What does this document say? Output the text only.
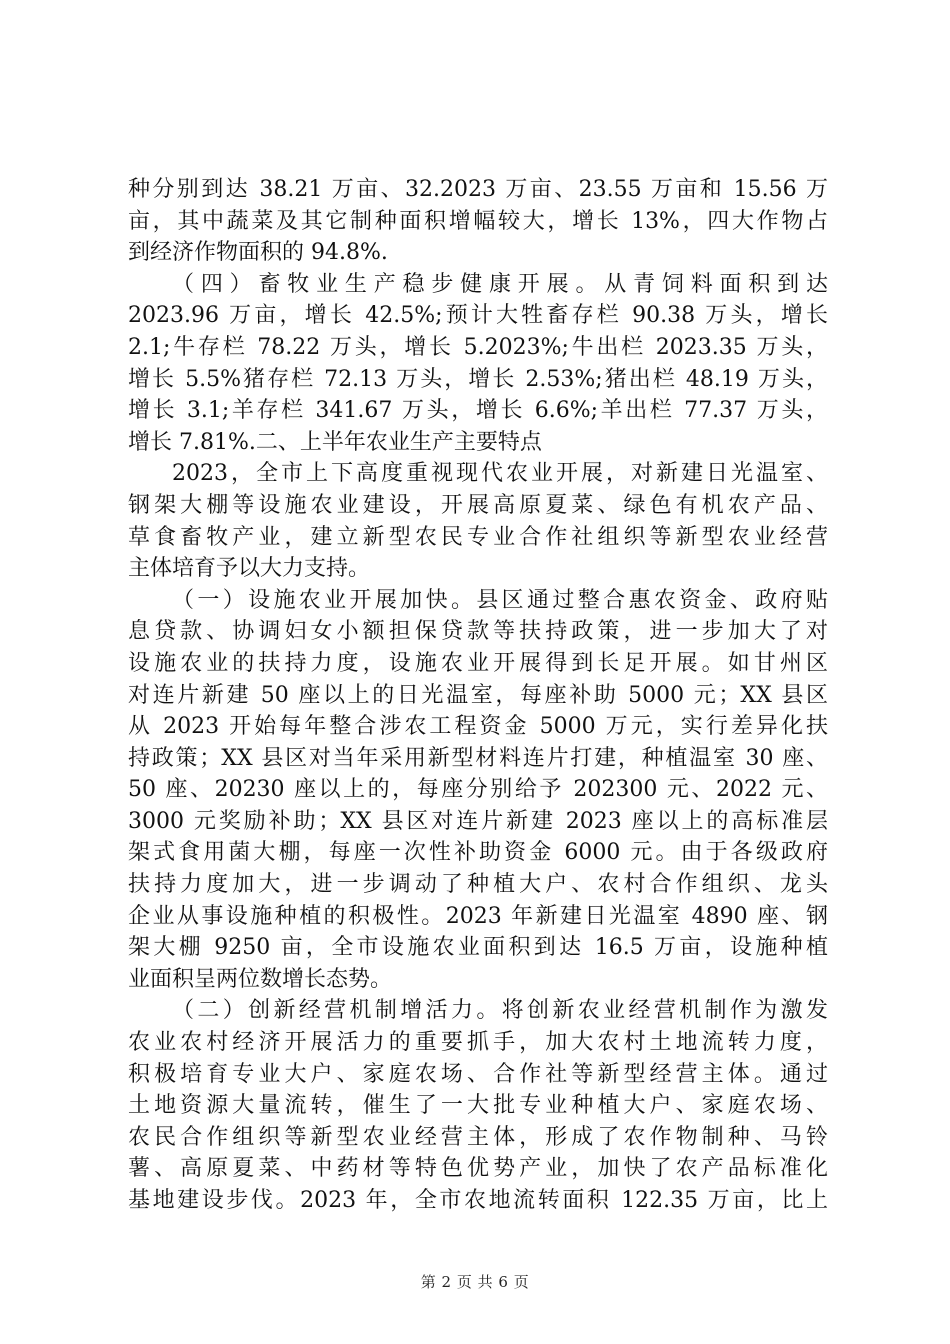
种分别到达 38.21 万亩、32.2023 万亩、23.55 万亩和 15.56 万
亩，其中蔬菜及其它制种面积增幅较大，增长 13%，四大作物占
到经济作物面积的 94.8%.
（四）畜牧业生产稳步健康开展。从青饲料面积到达
2023.96 万亩，增长 42.5%;预计大牲畜存栏 90.38 万头，增长
2.1;牛存栏 78.22 万头，增长 5.2023%;牛出栏 2023.35 万头，
增长 5.5%猪存栏 72.13 万头，增长 2.53%;猪出栏 48.19 万头，
增长 3.1;羊存栏 341.67 万头，增长 6.6%;羊出栏 77.37 万头，
增长 7.81%.二、上半年农业生产主要特点
2023，全市上下高度重视现代农业开展，对新建日光温室、
钢架大棚等设施农业建设，开展高原夏菜、绿色有机农产品、
草食畜牧产业，建立新型农民专业合作社组织等新型农业经营
主体培育予以大力支持。
（一）设施农业开展加快。县区通过整合惠农资金、政府贴
息贷款、协调妇女小额担保贷款等扶持政策，进一步加大了对
设施农业的扶持力度，设施农业开展得到长足开展。如甘州区
对连片新建 50 座以上的日光温室，每座补助 5000 元；XX 县区
从 2023 开始每年整合涉农工程资金 5000 万元，实行差异化扶
持政策；XX 县区对当年采用新型材料连片打建，种植温室 30 座、
50 座、20230 座以上的，每座分别给予 202300 元、2022 元、
3000 元奖励补助；XX 县区对连片新建 2023 座以上的高标准层
架式食用菌大棚，每座一次性补助资金 6000 元。由于各级政府
扶持力度加大，进一步调动了种植大户、农村合作组织、龙头
企业从事设施种植的积极性。2023 年新建日光温室 4890 座、钢
架大棚 9250 亩，全市设施农业面积到达 16.5 万亩，设施种植
业面积呈两位数增长态势。
（二）创新经营机制增活力。将创新农业经营机制作为激发
农业农村经济开展活力的重要抓手，加大农村土地流转力度，
积极培育专业大户、家庭农场、合作社等新型经营主体。通过
土地资源大量流转，催生了一大批专业种植大户、家庭农场、
农民合作组织等新型农业经营主体，形成了农作物制种、马铃
薯、高原夏菜、中药材等特色优势产业，加快了农产品标准化
基地建设步伐。2023 年，全市农地流转面积 122.35 万亩，比上
第 2 页 共 6 页
